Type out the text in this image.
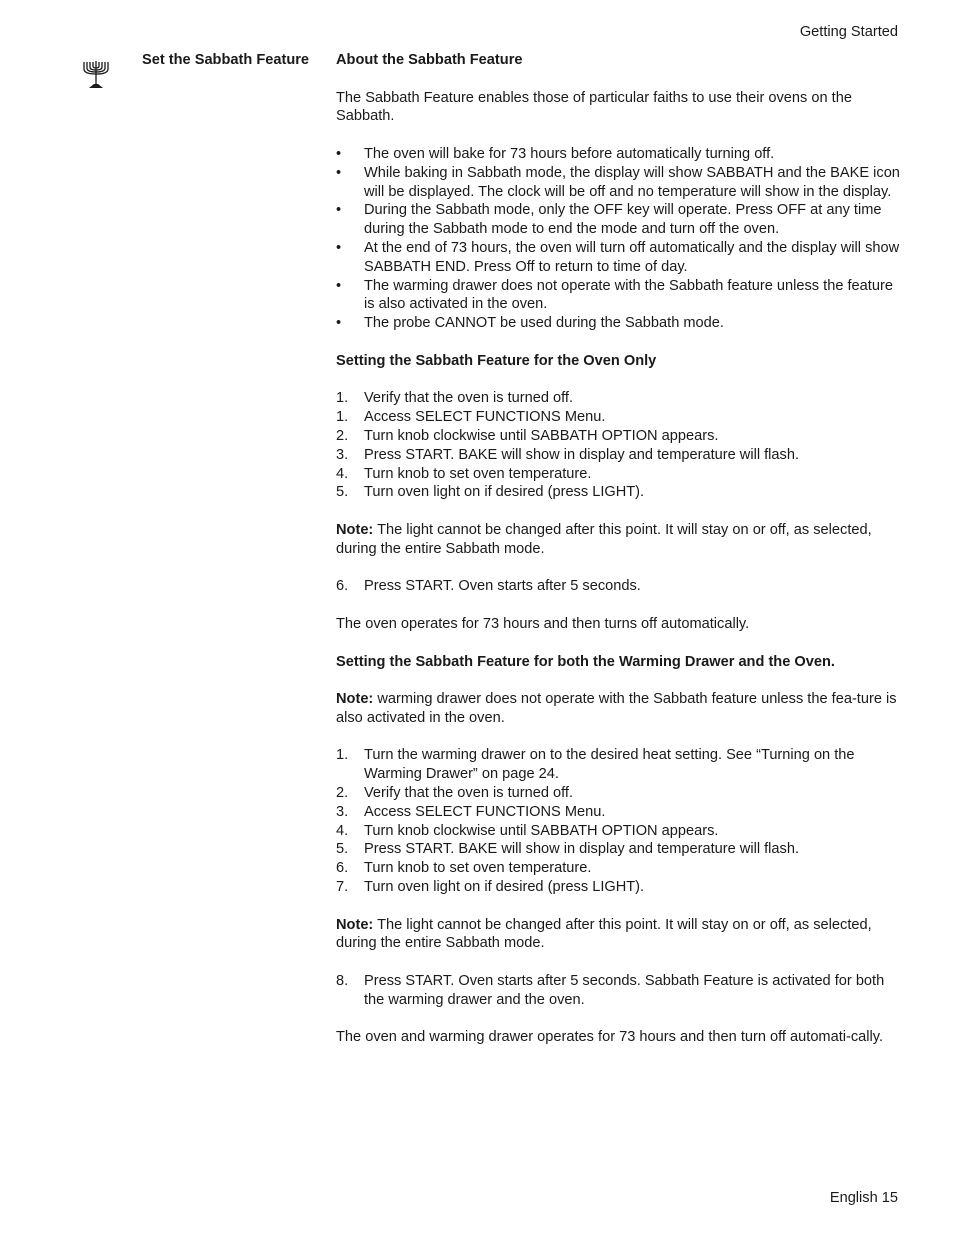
Getting Started
Set the Sabbath Feature About the Sabbath Feature

The Sabbath Feature enables those of particular faiths to use their ovens on the Sabbath.

• The oven will bake for 73 hours before automatically turning off.
• While baking in Sabbath mode, the display will show SABBATH and the BAKE icon will be displayed. The clock will be off and no temperature will show in the display.
• During the Sabbath mode, only the OFF key will operate. Press OFF at any time during the Sabbath mode to end the mode and turn off the oven.
• At the end of 73 hours, the oven will turn off automatically and the display will show SABBATH END. Press Off to return to time of day.
• The warming drawer does not operate with the Sabbath feature unless the feature is also activated in the oven.
• The probe CANNOT be used during the Sabbath mode.

Setting the Sabbath Feature for the Oven Only

1. Verify that the oven is turned off.
1. Access SELECT FUNCTIONS Menu.
2. Turn knob clockwise until SABBATH OPTION appears.
3. Press START. BAKE will show in display and temperature will flash.
4. Turn knob to set oven temperature.
5. Turn oven light on if desired (press LIGHT).

Note: The light cannot be changed after this point. It will stay on or off, as selected, during the entire Sabbath mode.

6. Press START. Oven starts after 5 seconds.

The oven operates for 73 hours and then turns off automatically.

Setting the Sabbath Feature for both the Warming Drawer and the Oven.

Note: warming drawer does not operate with the Sabbath feature unless the fea-ture is also activated in the oven.

1. Turn the warming drawer on to the desired heat setting. See “Turning on the Warming Drawer” on page 24.
2. Verify that the oven is turned off.
3. Access SELECT FUNCTIONS Menu.
4. Turn knob clockwise until SABBATH OPTION appears.
5. Press START. BAKE will show in display and temperature will flash.
6. Turn knob to set oven temperature.
7. Turn oven light on if desired (press LIGHT).

Note: The light cannot be changed after this point. It will stay on or off, as selected, during the entire Sabbath mode.

8. Press START. Oven starts after 5 seconds. Sabbath Feature is activated for both the warming drawer and the oven.

The oven and warming drawer operates for 73 hours and then turn off automati-cally.

English 15
